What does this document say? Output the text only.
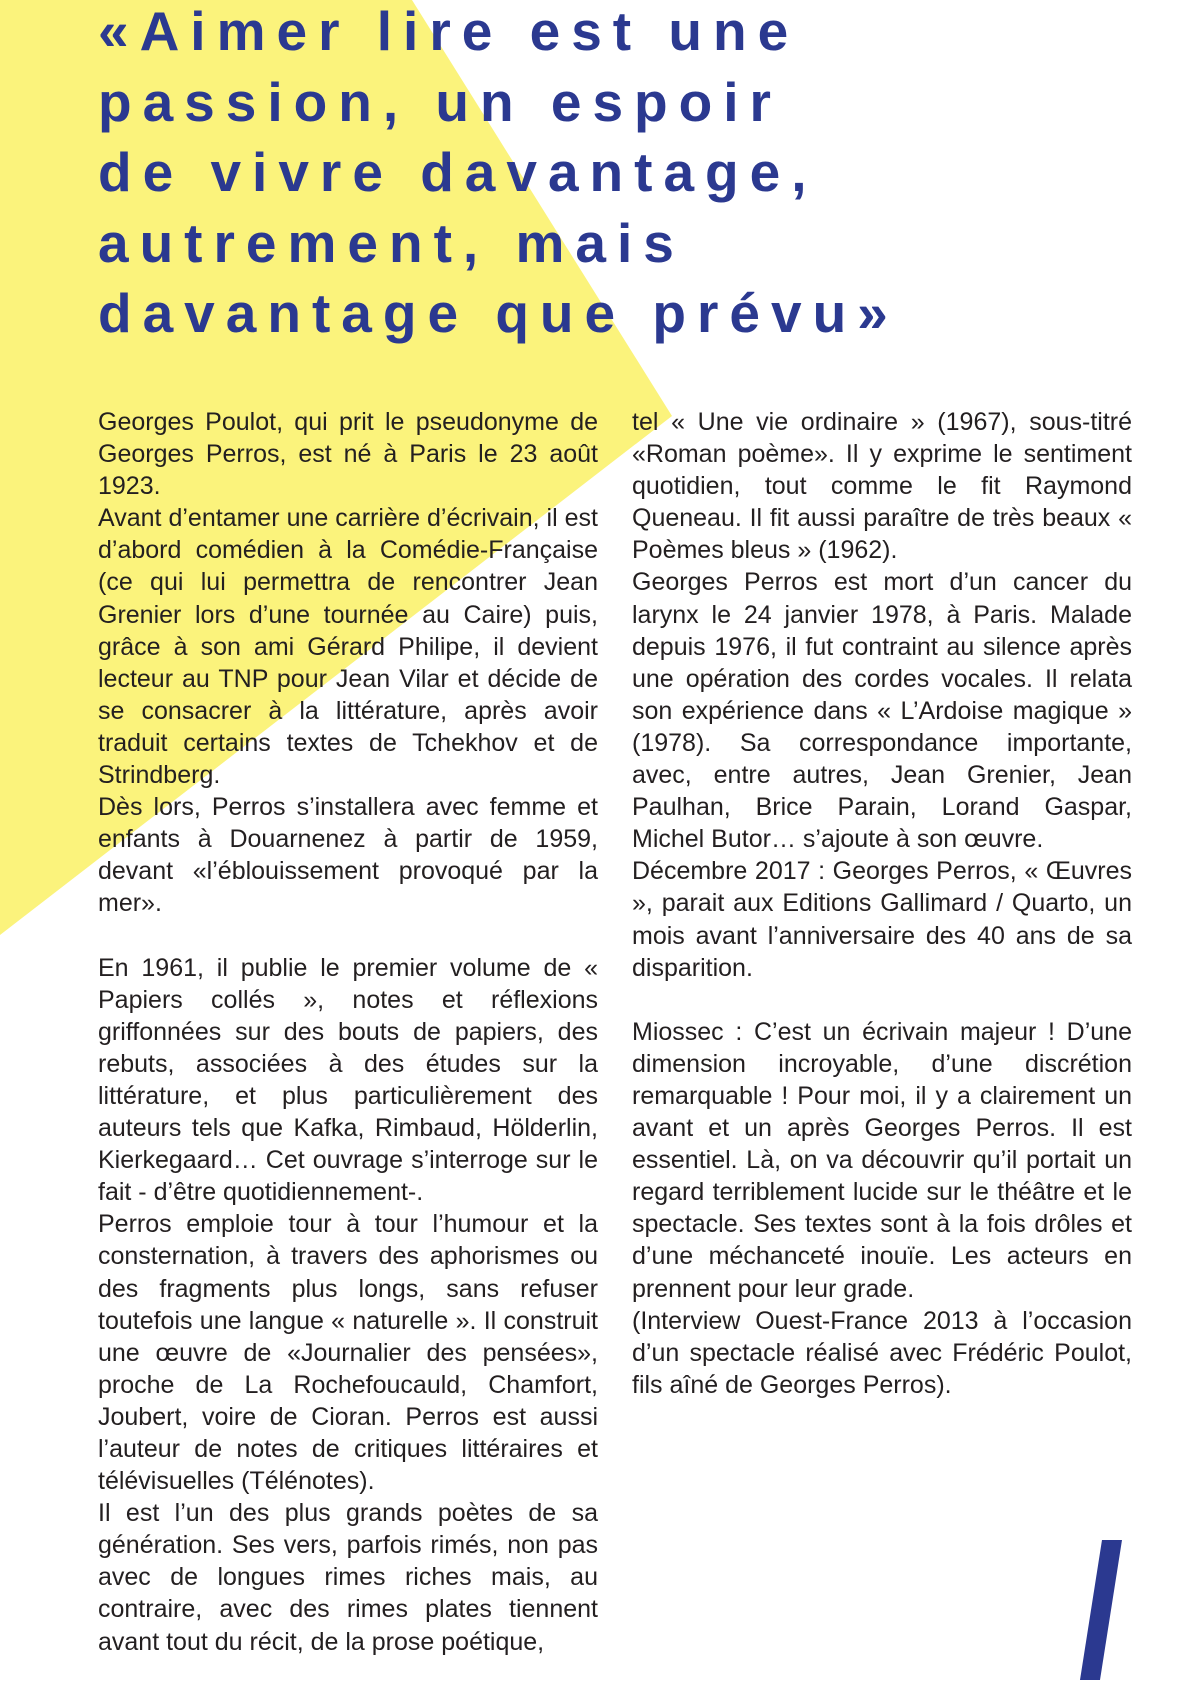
«Aimer lire est une
passion, un espoir
de vivre davantage,
autrement, mais
davantage que prévu»

Georges Poulot, qui prit le pseudonyme de Georges Perros, est né à Paris le 23 août 1923.

Avant d’entamer une carrière d’écrivain, il est d’abord comédien à la Comédie-Française (ce qui lui permettra de rencontrer Jean Grenier lors d’une tournée au Caire) puis, grâce à son ami Gérard Philipe, il devient lecteur au TNP pour Jean Vilar et décide de se consacrer à la littérature, après avoir traduit certains textes de Tchekhov et de Strindberg.

Dès lors, Perros s’installera avec femme et enfants à Douarnenez à partir de 1959, devant «l’éblouissement provoqué par la mer».

En 1961, il publie le premier volume de « Papiers collés », notes et réflexions griffonnées sur des bouts de papiers, des rebuts, associées à des études sur la littérature, et plus particulièrement des auteurs tels que Kafka, Rimbaud, Hölderlin, Kierkegaard… Cet ouvrage s’interroge sur le fait - d’être quotidiennement-.

Perros emploie tour à tour l’humour et la consternation, à travers des aphorismes ou des fragments plus longs, sans refuser toutefois une langue « naturelle ». Il construit une œuvre de «Journalier des pensées», proche de La Rochefoucauld, Chamfort, Joubert, voire de Cioran. Perros est aussi l’auteur de notes de critiques littéraires et télévisuelles (Télénotes).

Il est l’un des plus grands poètes de sa génération. Ses vers, parfois rimés, non pas avec de longues rimes riches mais, au contraire, avec des rimes plates tiennent avant tout du récit, de la prose poétique,

tel « Une vie ordinaire » (1967), sous-titré «Roman poème». Il y exprime le sentiment quotidien, tout comme le fit Raymond Queneau. Il fit aussi paraître de très beaux « Poèmes bleus » (1962).

Georges Perros est mort d’un cancer du larynx le 24 janvier 1978, à Paris. Malade depuis 1976, il fut contraint au silence après une opération des cordes vocales. Il relata son expérience dans « L’Ardoise magique » (1978). Sa correspondance importante, avec, entre autres, Jean Grenier, Jean Paulhan, Brice Parain, Lorand Gaspar, Michel Butor… s’ajoute à son œuvre.

Décembre 2017 : Georges Perros, « Œuvres », parait aux Editions Gallimard / Quarto, un mois avant l’anniversaire des 40 ans de sa disparition.

Miossec : C’est un écrivain majeur ! D’une dimension incroyable, d’une discrétion remarquable ! Pour moi, il y a clairement un avant et un après Georges Perros. Il est essentiel. Là, on va découvrir qu’il portait un regard terriblement lucide sur le théâtre et le spectacle. Ses textes sont à la fois drôles et d’une méchanceté inouïe. Les acteurs en prennent pour leur grade.

(Interview Ouest-France 2013 à l’occasion d’un spectacle réalisé avec Frédéric Poulot, fils aîné de Georges Perros).
